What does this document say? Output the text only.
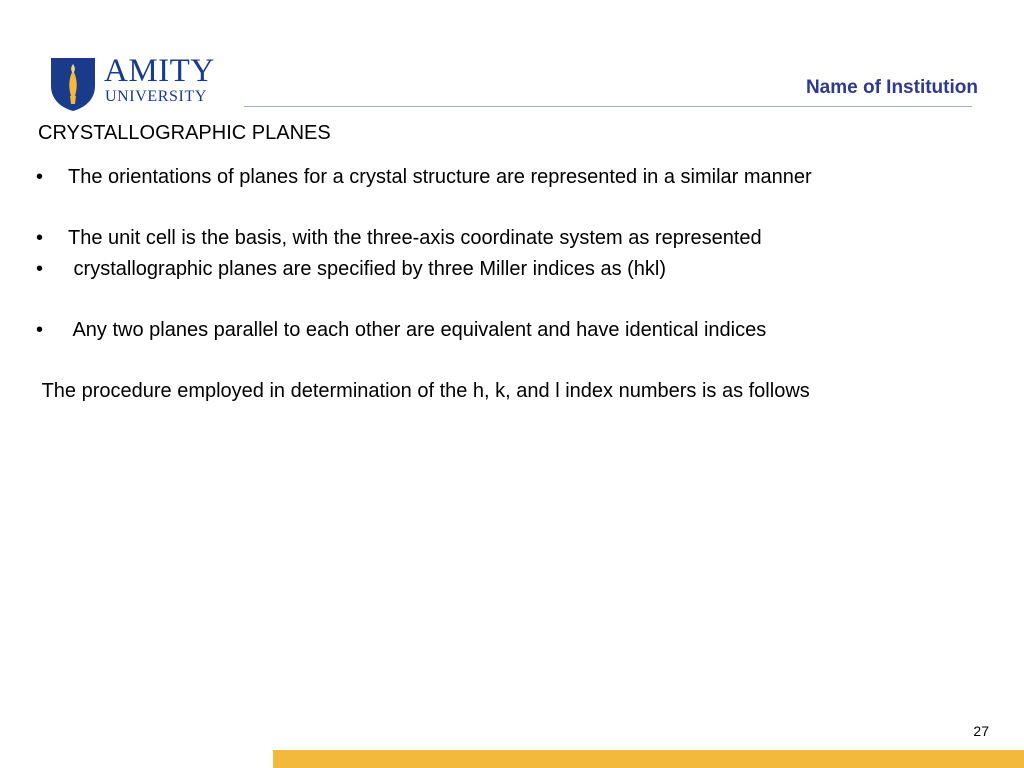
AMITY
UNIVERSITY	Name of Institution
CRYSTALLOGRAPHIC PLANES
• The orientations of planes for a crystal structure are represented in a similar manner
• The unit cell is the basis, with the three-axis coordinate system as represented
• crystallographic planes are specified by three Miller indices as (hkl)
• Any two planes parallel to each other are equivalent and have identical indices
The procedure employed in determination of the h, k, and l index numbers is as follows
27
